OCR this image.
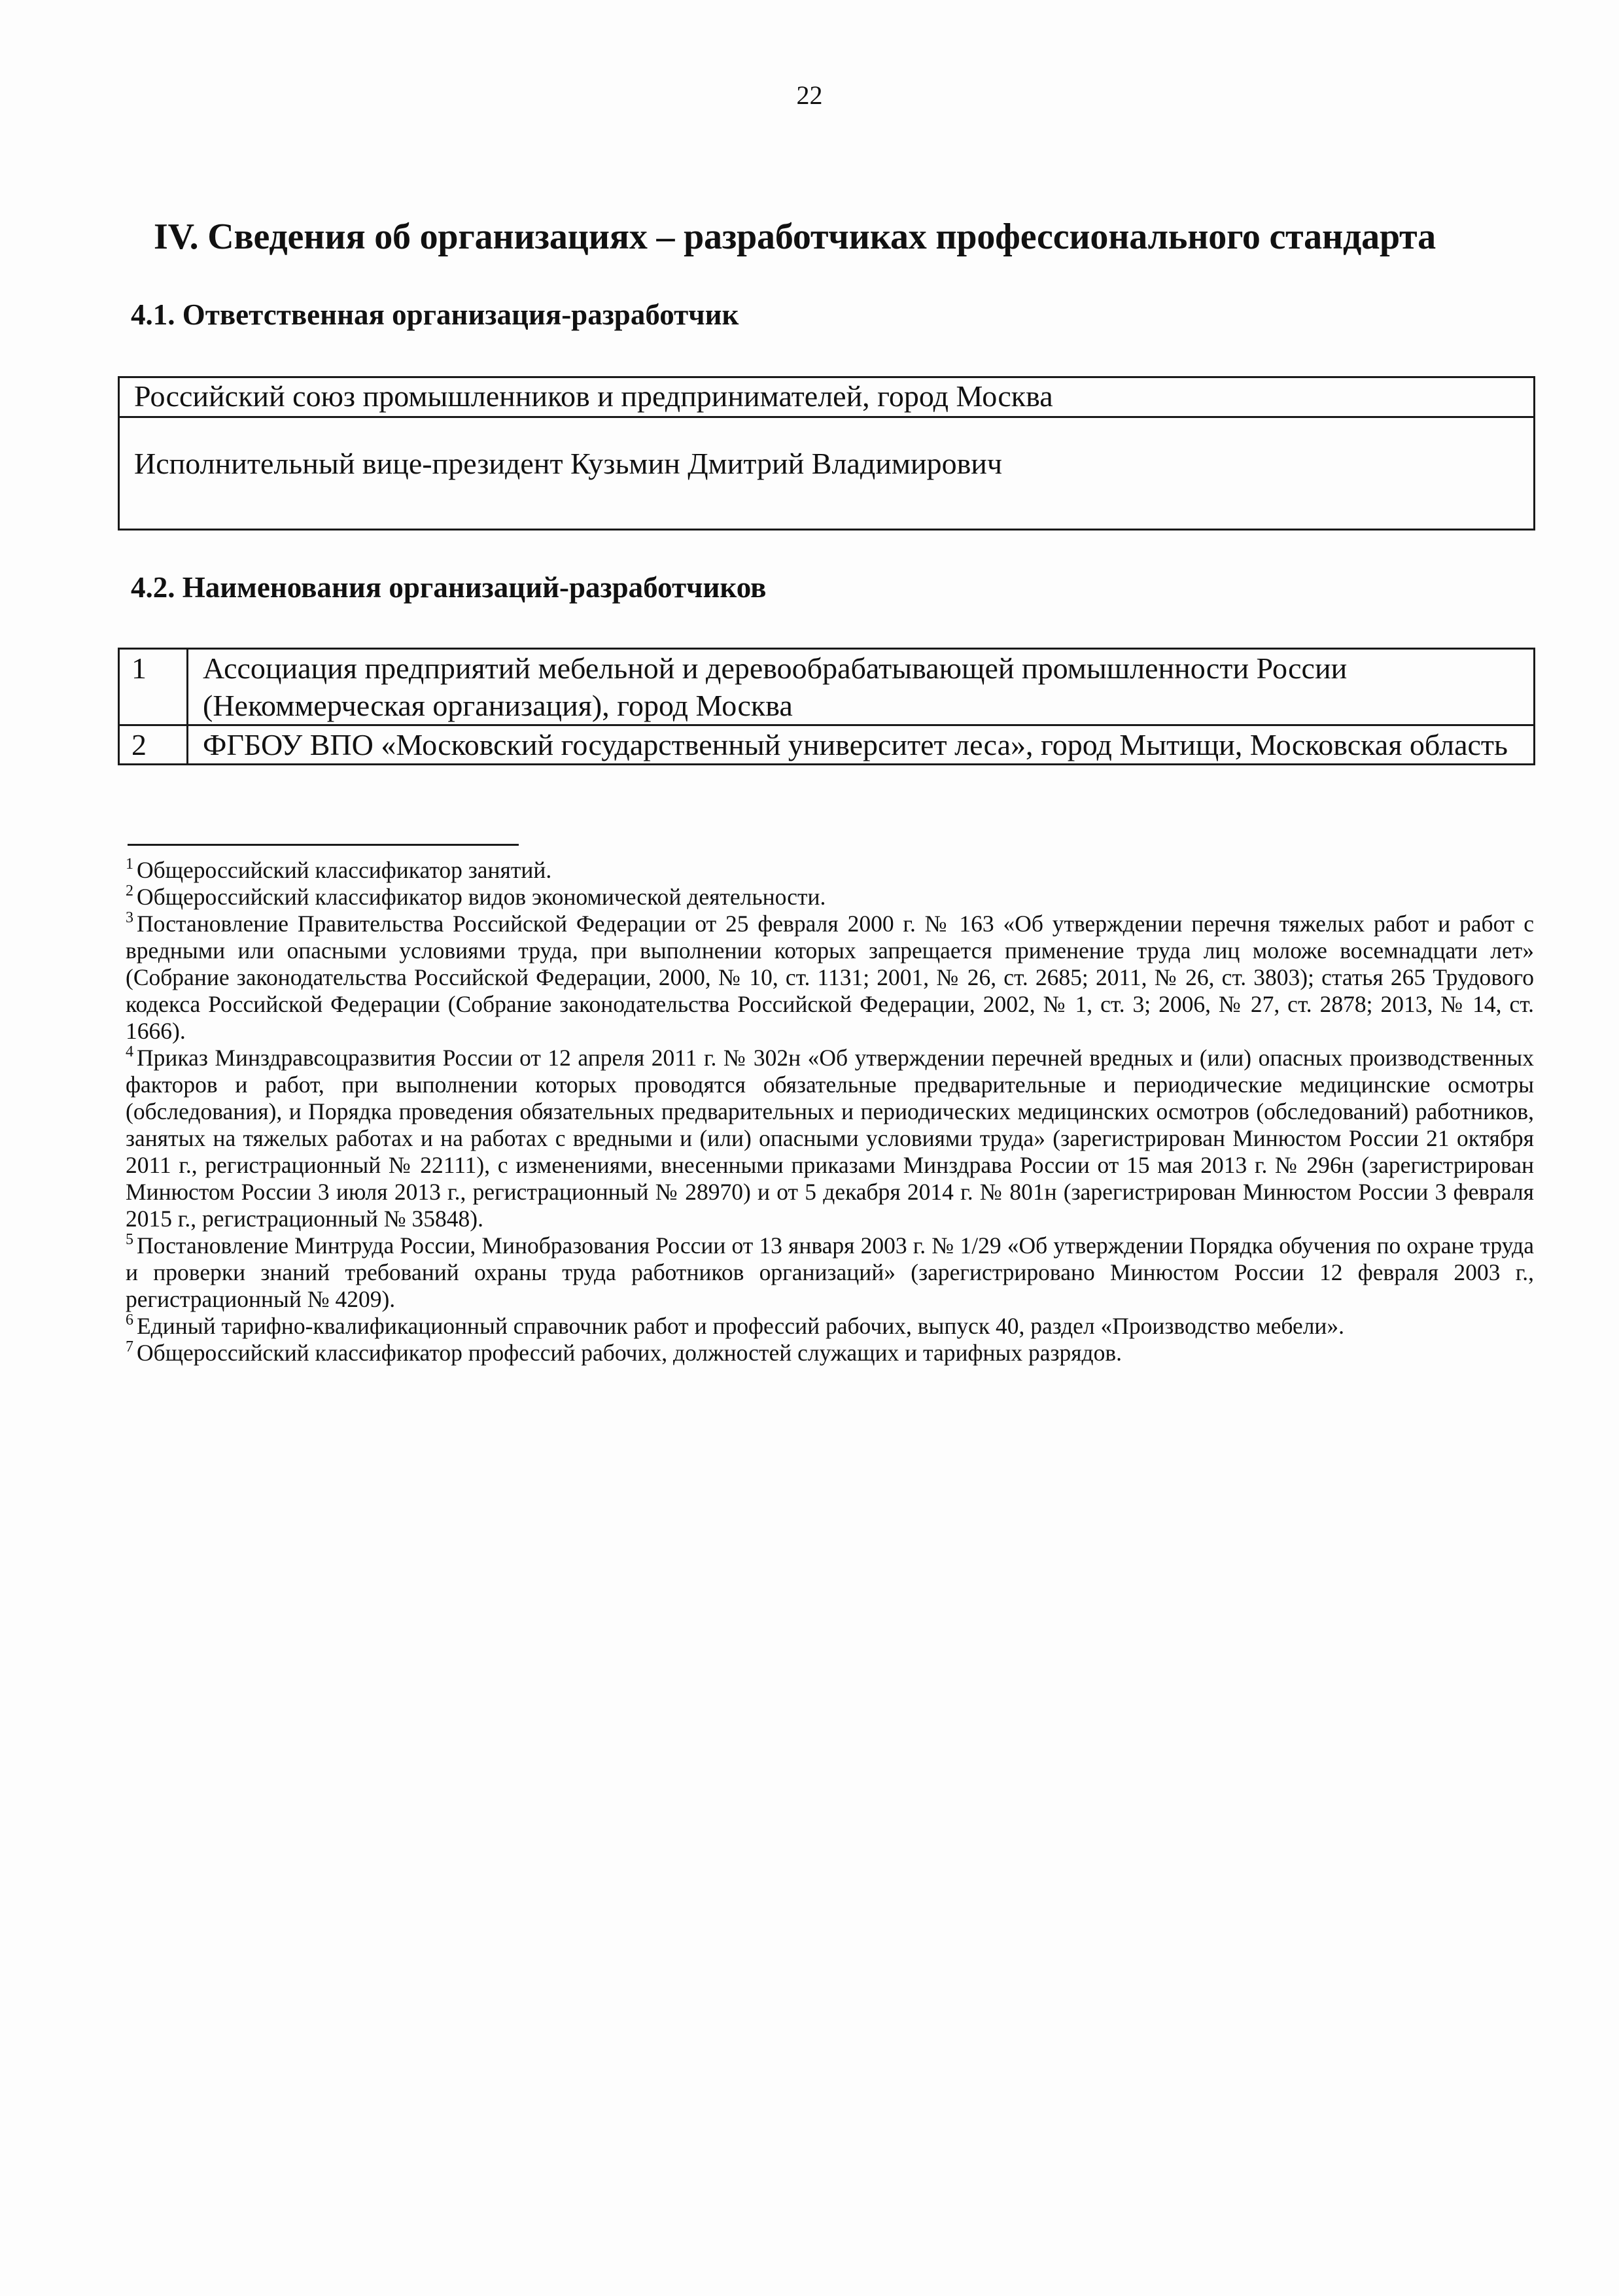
22
IV. Сведения об организациях – разработчиках профессионального стандарта
4.1. Ответственная организация-разработчик
Российский союз промышленников и предпринимателей, город Москва
Исполнительный вице-президент Кузьмин Дмитрий Владимирович
4.2. Наименования организаций-разработчиков
1	Ассоциация предприятий мебельной и деревообрабатывающей промышленности России (Некоммерческая организация), город Москва
2	ФГБОУ ВПО «Московский государственный университет леса», город Мытищи, Московская область

$^1$ Общероссийский классификатор занятий.

$^2$ Общероссийский классификатор видов экономической деятельности.

$^3$ Постановление Правительства Российской Федерации от 25 февраля 2000 г. № 163 «Об утверждении перечня тяжелых работ и работ с вредными или опасными условиями труда, при выполнении которых запрещается применение труда лиц моложе восемнадцати лет» (Собрание законодательства Российской Федерации, 2000, № 10, ст. 1131; 2001, № 26, ст. 2685; 2011, № 26, ст. 3803); статья 265 Трудового кодекса Российской Федерации (Собрание законодательства Российской Федерации, 2002, № 1, ст. 3; 2006, № 27, ст. 2878; 2013, № 14, ст. 1666).

$^4$ Приказ Минздравсоцразвития России от 12 апреля 2011 г. № 302н «Об утверждении перечней вредных и (или) опасных производственных факторов и работ, при выполнении которых проводятся обязательные предварительные и периодические медицинские осмотры (обследования), и Порядка проведения обязательных предварительных и периодических медицинских осмотров (обследований) работников, занятых на тяжелых работах и на работах с вредными и (или) опасными условиями труда» (зарегистрирован Минюстом России 21 октября 2011 г., регистрационный № 22111), с изменениями, внесенными приказами Минздрава России от 15 мая 2013 г. № 296н (зарегистрирован Минюстом России 3 июля 2013 г., регистрационный № 28970) и от 5 декабря 2014 г. № 801н (зарегистрирован Минюстом России 3 февраля 2015 г., регистрационный № 35848).

$^5$ Постановление Минтруда России, Минобразования России от 13 января 2003 г. № 1/29 «Об утверждении Порядка обучения по охране труда и проверки знаний требований охраны труда работников организаций» (зарегистрировано Минюстом России 12 февраля 2003 г., регистрационный № 4209).

$^6$ Единый тарифно-квалификационный справочник работ и профессий рабочих, выпуск 40, раздел «Производство мебели».

$^7$ Общероссийский классификатор профессий рабочих, должностей служащих и тарифных разрядов.
